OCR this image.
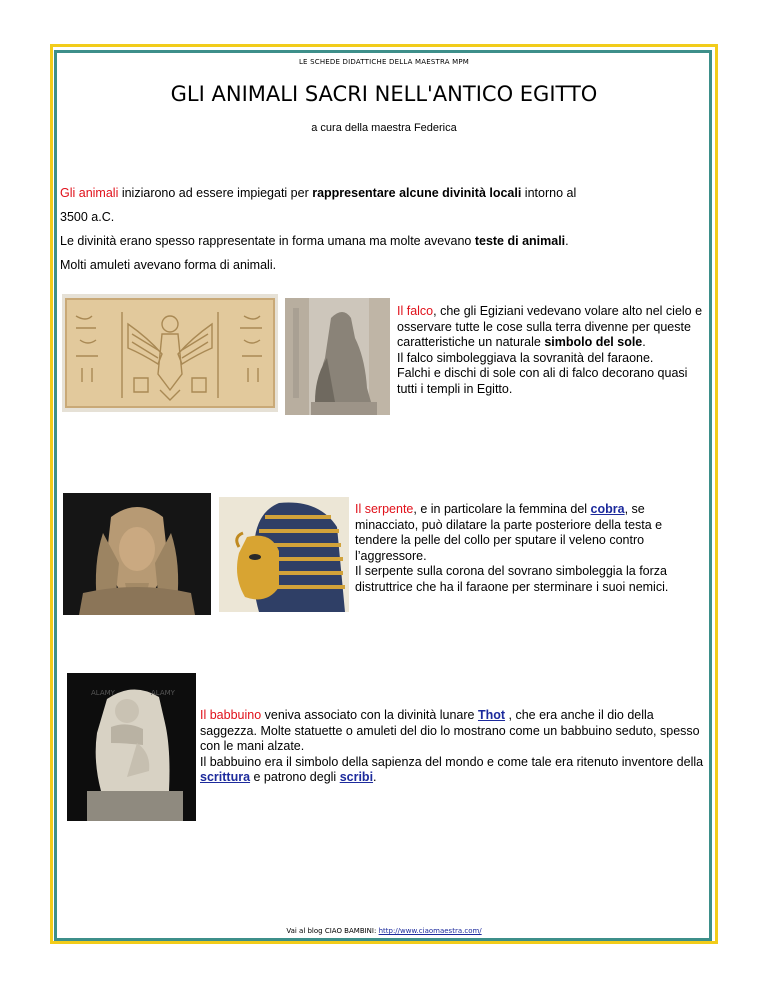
LE SCHEDE DIDATTICHE DELLA MAESTRA MPM
GLI ANIMALI SACRI NELL'ANTICO EGITTO
a cura della maestra Federica

Gli animali iniziarono ad essere impiegati per rappresentare alcune divinità locali intorno al

3500 a.C.

Le divinità erano spesso rappresentate in forma umana ma molte avevano teste di animali.

Molti amuleti avevano forma di animali.

Il falco, che gli Egiziani vedevano volare alto nel cielo e osservare tutte le cose sulla terra divenne per queste caratteristiche un naturale simbolo del sole.

Il falco simboleggiava la sovranità del faraone.

Falchi e dischi di sole con ali di falco decorano quasi tutti i templi in Egitto.

Il serpente, e in particolare la femmina del cobra, se minacciato, può dilatare la parte posteriore della testa e tendere la pelle del collo per sputare il veleno contro l’aggressore.

Il serpente sulla corona del sovrano simboleggia la forza distruttrice che ha il faraone per sterminare i suoi nemici.

ALAMY	ALAMY

Il babbuino veniva associato con la divinità lunare Thot , che era anche il dio della saggezza. Molte statuette o amuleti del dio lo mostrano come un babbuino seduto, spesso con le mani alzate.

Il babbuino era il simbolo della sapienza del mondo e come tale era ritenuto inventore della scrittura e patrono degli scribi.

Vai al blog CIAO BAMBINI: http://www.ciaomaestra.com/
